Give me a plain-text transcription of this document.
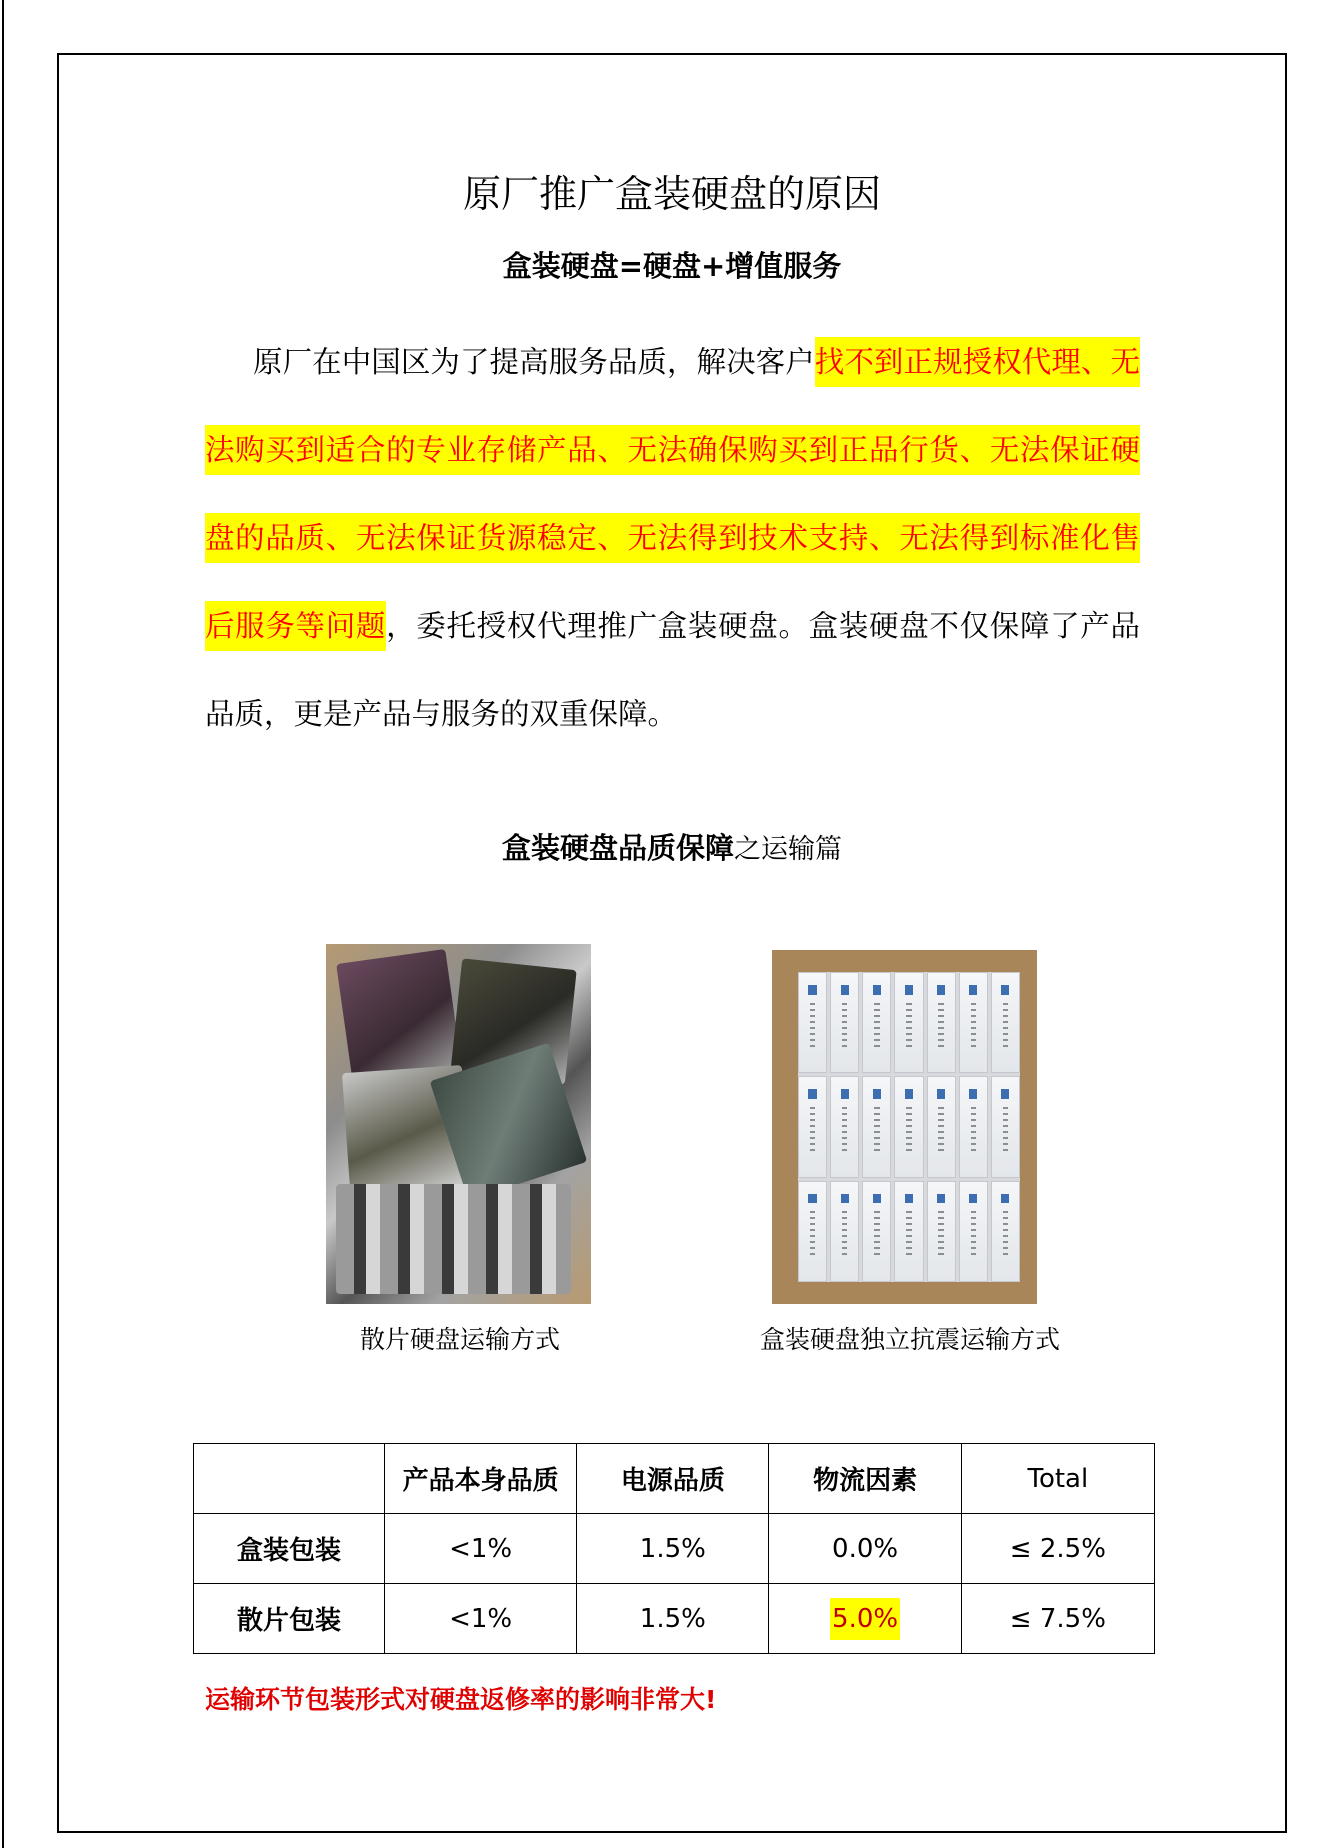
原厂推广盒装硬盘的原因
盒装硬盘=硬盘+增值服务

原厂在中国区为了提高服务品质，解决客户找不到正规授权代理、无法购买到适合的专业存储产品、无法确保购买到正品行货、无法保证硬盘的品质、无法保证货源稳定、无法得到技术支持、无法得到标准化售后服务等问题，委托授权代理推广盒装硬盘。盒装硬盘不仅保障了产品品质，更是产品与服务的双重保障。

盒装硬盘品质保障之运输篇
散片硬盘运输方式	盒装硬盘独立抗震运输方式
	产品本身品质	电源品质	物流因素	Total
盒装包装	<1%	1.5%	0.0%	≤ 2.5%
散片包装	<1%	1.5%	5.0%	≤ 7.5%
运输环节包装形式对硬盘返修率的影响非常大!
